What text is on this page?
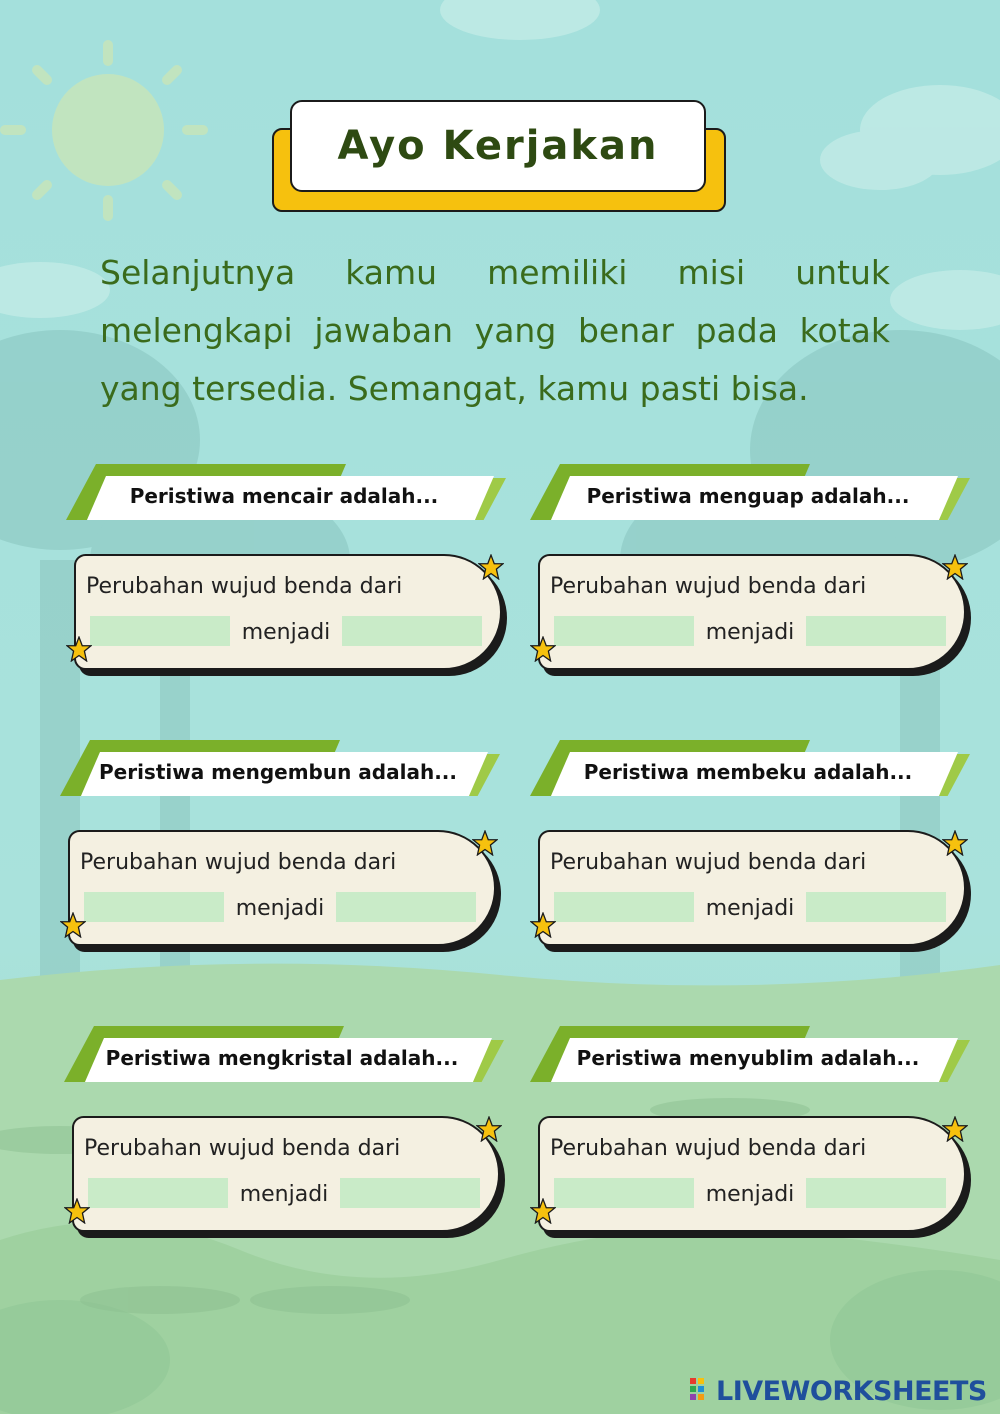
Ayo Kerjakan

Selanjutnya kamu memiliki misi untuk melengkapi jawaban yang benar pada kotak yang tersedia. Semangat, kamu pasti bisa.

Peristiwa mencair adalah...
Perubahan wujud benda dari
menjadi
Peristiwa menguap adalah...
Perubahan wujud benda dari
menjadi
Peristiwa mengembun adalah...
Perubahan wujud benda dari
menjadi
Peristiwa membeku adalah...
Perubahan wujud benda dari
menjadi
Peristiwa mengkristal adalah...
Perubahan wujud benda dari
menjadi
Peristiwa menyublim adalah...
Perubahan wujud benda dari
menjadi
LIVEWORKSHEETS
